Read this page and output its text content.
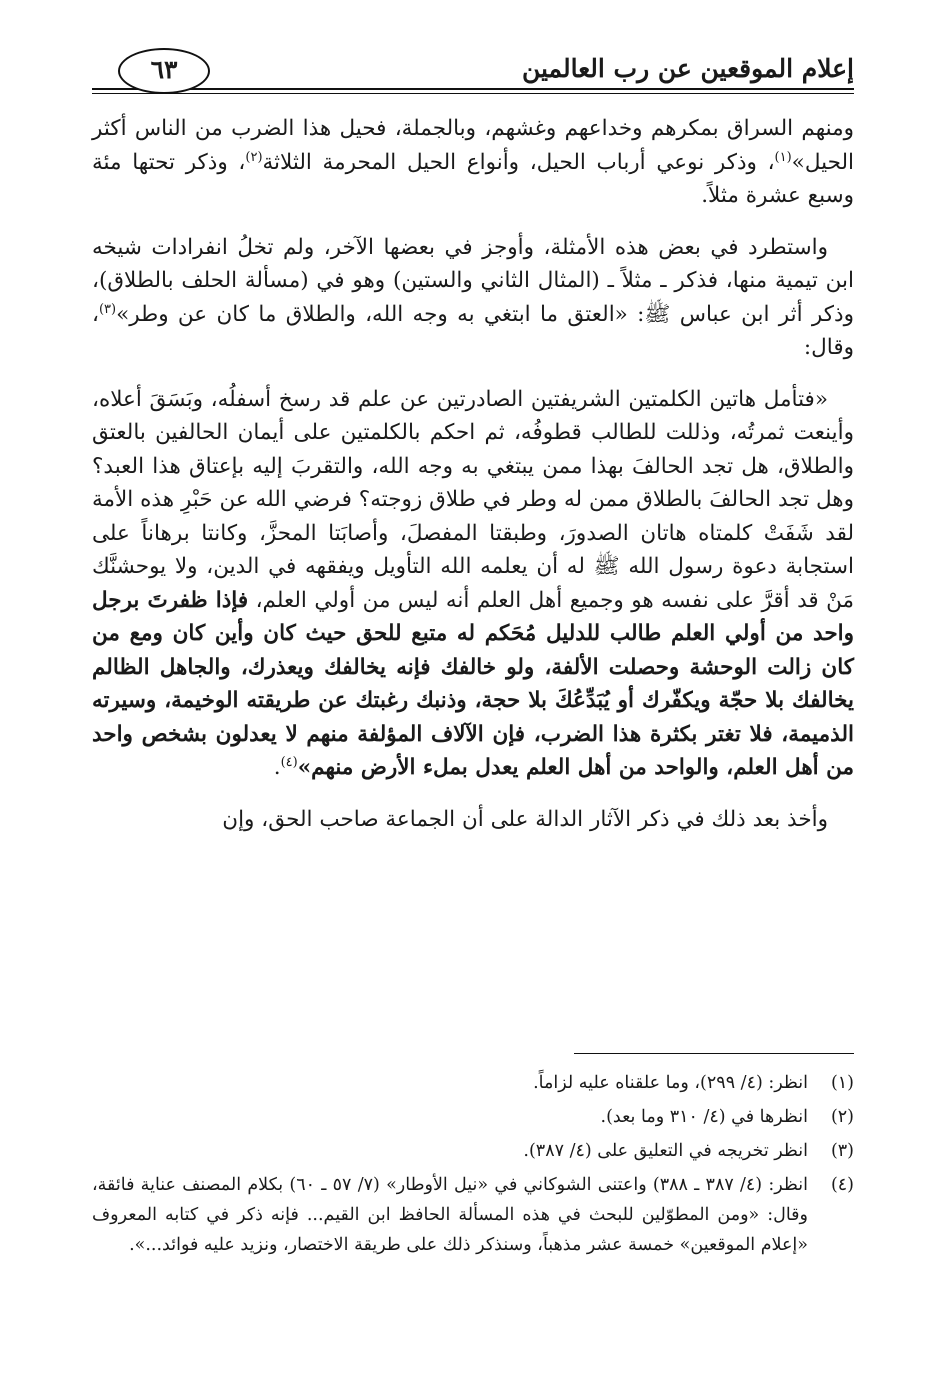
إعلام الموقعين عن رب العالمين
٦٣

ومنهم السراق بمكرهم وخداعهم وغشهم، وبالجملة، فحيل هذا الضرب من الناس أكثر الحيل»$^{(١)}$، وذكر نوعي أرباب الحيل، وأنواع الحيل المحرمة الثلاثة$^{(٢)}$، وذكر تحتها مئة وسبع عشرة مثلاً.

واستطرد في بعض هذه الأمثلة، وأوجز في بعضها الآخر، ولم تخلُ انفرادات شيخه ابن تيمية منها، فذكر ـ مثلاً ـ (المثال الثاني والستين) وهو في (مسألة الحلف بالطلاق)، وذكر أثر ابن عباس ﷺ: «العتق ما ابتغي به وجه الله، والطلاق ما كان عن وطر»$^{(٣)}$، وقال:

«فتأمل هاتين الكلمتين الشريفتين الصادرتين عن علم قد رسخ أسفلُه، وبَسَقَ أعلاه، وأينعت ثمرتُه، وذللت للطالب قطوفُه، ثم احكم بالكلمتين على أيمان الحالفين بالعتق والطلاق، هل تجد الحالفَ بهذا ممن يبتغي به وجه الله، والتقربَ إليه بإعتاق هذا العبد؟ وهل تجد الحالفَ بالطلاق ممن له وطر في طلاق زوجته؟ فرضي الله عن حَبْرِ هذه الأمة لقد شَفَتْ كلمتاه هاتان الصدورَ، وطبقتا المفصلَ، وأصابَتا المحزَّ، وكانتا برهاناً على استجابة دعوة رسول الله ﷺ له أن يعلمه الله التأويل ويفقهه في الدين، ولا يوحشنَّك مَنْ قد أقرَّ على نفسه هو وجميع أهل العلم أنه ليس من أولي العلم، فإذا ظفرتَ برجل واحد من أولي العلم طالب للدليل مُحَكم له متبع للحق حيث كان وأين كان ومع من كان زالت الوحشة وحصلت الألفة، ولو خالفك فإنه يخالفك ويعذرك، والجاهل الظالم يخالفك بلا حجّة ويكفّرك أو يُبَدِّعُكَ بلا حجة، وذنبك رغبتك عن طريقته الوخيمة، وسيرته الذميمة، فلا تغتر بكثرة هذا الضرب، فإن الآلاف المؤلفة منهم لا يعدلون بشخص واحد من أهل العلم، والواحد من أهل العلم يعدل بملء الأرض منهم»$^{(٤)}$.

وأخذ بعد ذلك في ذكر الآثار الدالة على أن الجماعة صاحب الحق، وإن

(١)
انظر: (٤/ ٢٩٩)، وما علقناه عليه لزاماً.
(٢)
انظرها في (٤/ ٣١٠ وما بعد).
(٣)
انظر تخريجه في التعليق على (٤/ ٣٨٧).
(٤)
انظر: (٤/ ٣٨٧ ـ ٣٨٨) واعتنى الشوكاني في «نيل الأوطار» (٧/ ٥٧ ـ ٦٠) بكلام المصنف عناية فائقة، وقال: «ومن المطوّلين للبحث في هذه المسألة الحافظ ابن القيم... فإنه ذكر في كتابه المعروف «إعلام الموقعين» خمسة عشر مذهباً، وسنذكر ذلك على طريقة الاختصار، ونزيد عليه فوائد...».
